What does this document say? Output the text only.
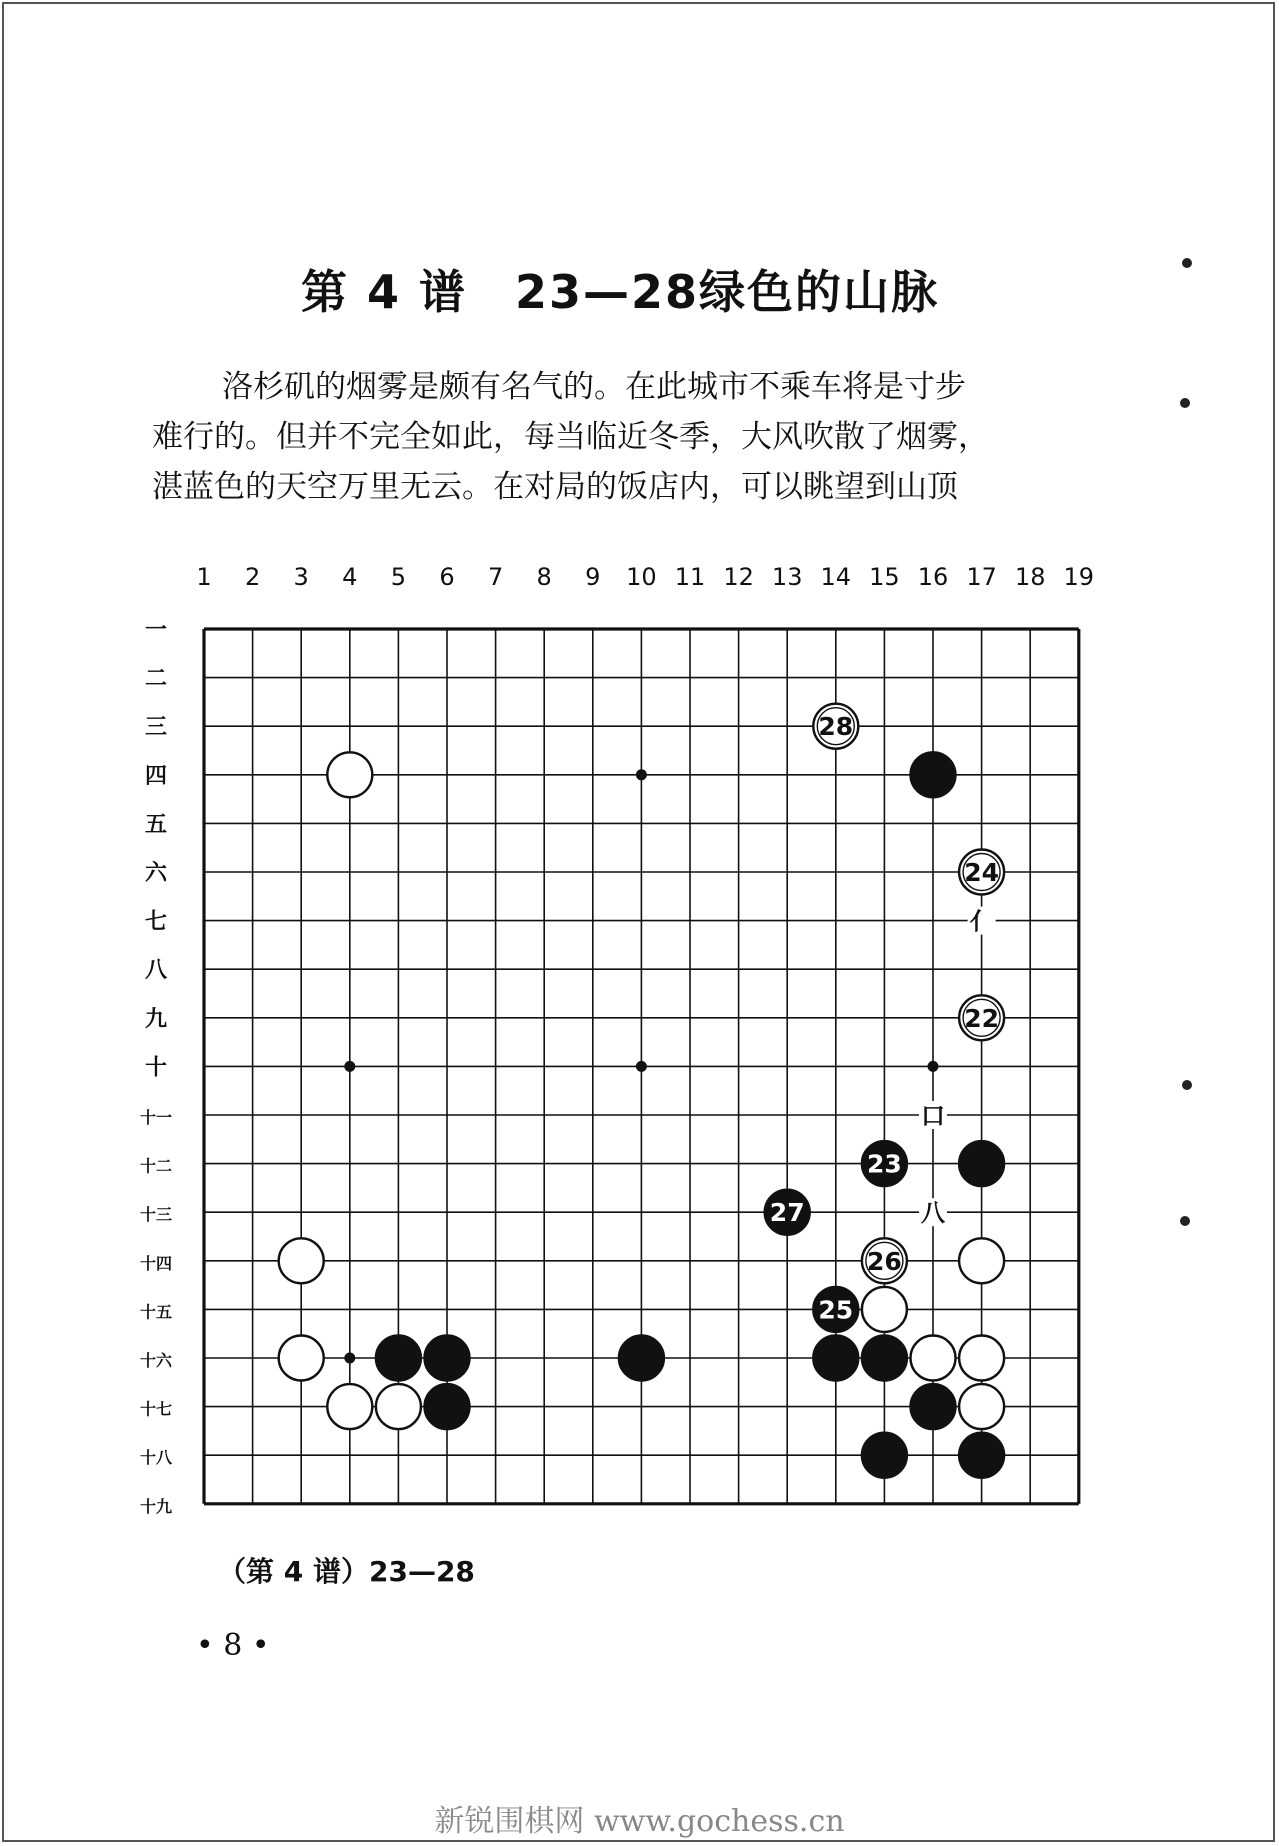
第 4 谱　23—28绿色的山脉
洛杉矶的烟雾是颇有名气的。在此城市不乘车将是寸步
难行的。但并不完全如此，每当临近冬季，大风吹散了烟雾，
湛蓝色的天空万里无云。在对局的饭店内，可以眺望到山顶
1 2 3 4 5 6 7 8 9 10 11 12 13 14 15 16 17 18 19
一
二
三
四
五
六
七
八
九
十
十一
十二
十三
十四
十五
十六
十七
十八
十九
亻
口
八
28
24
22
23
27
26
25
（第 4 谱）23—28
• 8 •
新锐围棋网 www.gochess.cn
